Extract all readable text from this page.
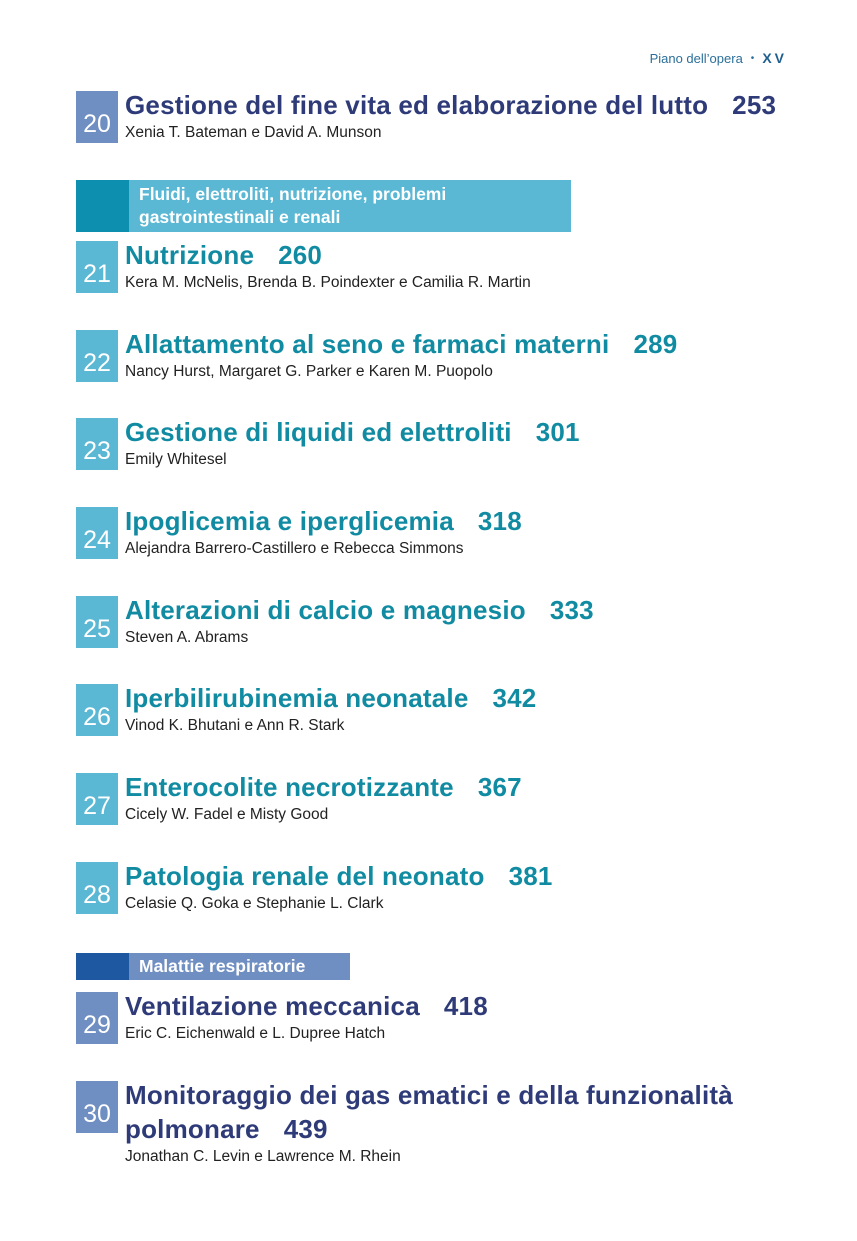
Piano dell’opera • XV
20
Gestione del fine vita ed elaborazione del lutto 253
Xenia T. Bateman e David A. Munson
Fluidi, elettroliti, nutrizione, problemi
gastrointestinali e renali
21
Nutrizione 260
Kera M. McNelis, Brenda B. Poindexter e Camilia R. Martin
22
Allattamento al seno e farmaci materni 289
Nancy Hurst, Margaret G. Parker e Karen M. Puopolo
23
Gestione di liquidi ed elettroliti 301
Emily Whitesel
24
Ipoglicemia e iperglicemia 318
Alejandra Barrero-Castillero e Rebecca Simmons
25
Alterazioni di calcio e magnesio 333
Steven A. Abrams
26
Iperbilirubinemia neonatale 342
Vinod K. Bhutani e Ann R. Stark
27
Enterocolite necrotizzante 367
Cicely W. Fadel e Misty Good
28
Patologia renale del neonato 381
Celasie Q. Goka e Stephanie L. Clark
Malattie respiratorie
29
Ventilazione meccanica 418
Eric C. Eichenwald e L. Dupree Hatch
30
Monitoraggio dei gas ematici e della funzionalità
polmonare 439
Jonathan C. Levin e Lawrence M. Rhein
